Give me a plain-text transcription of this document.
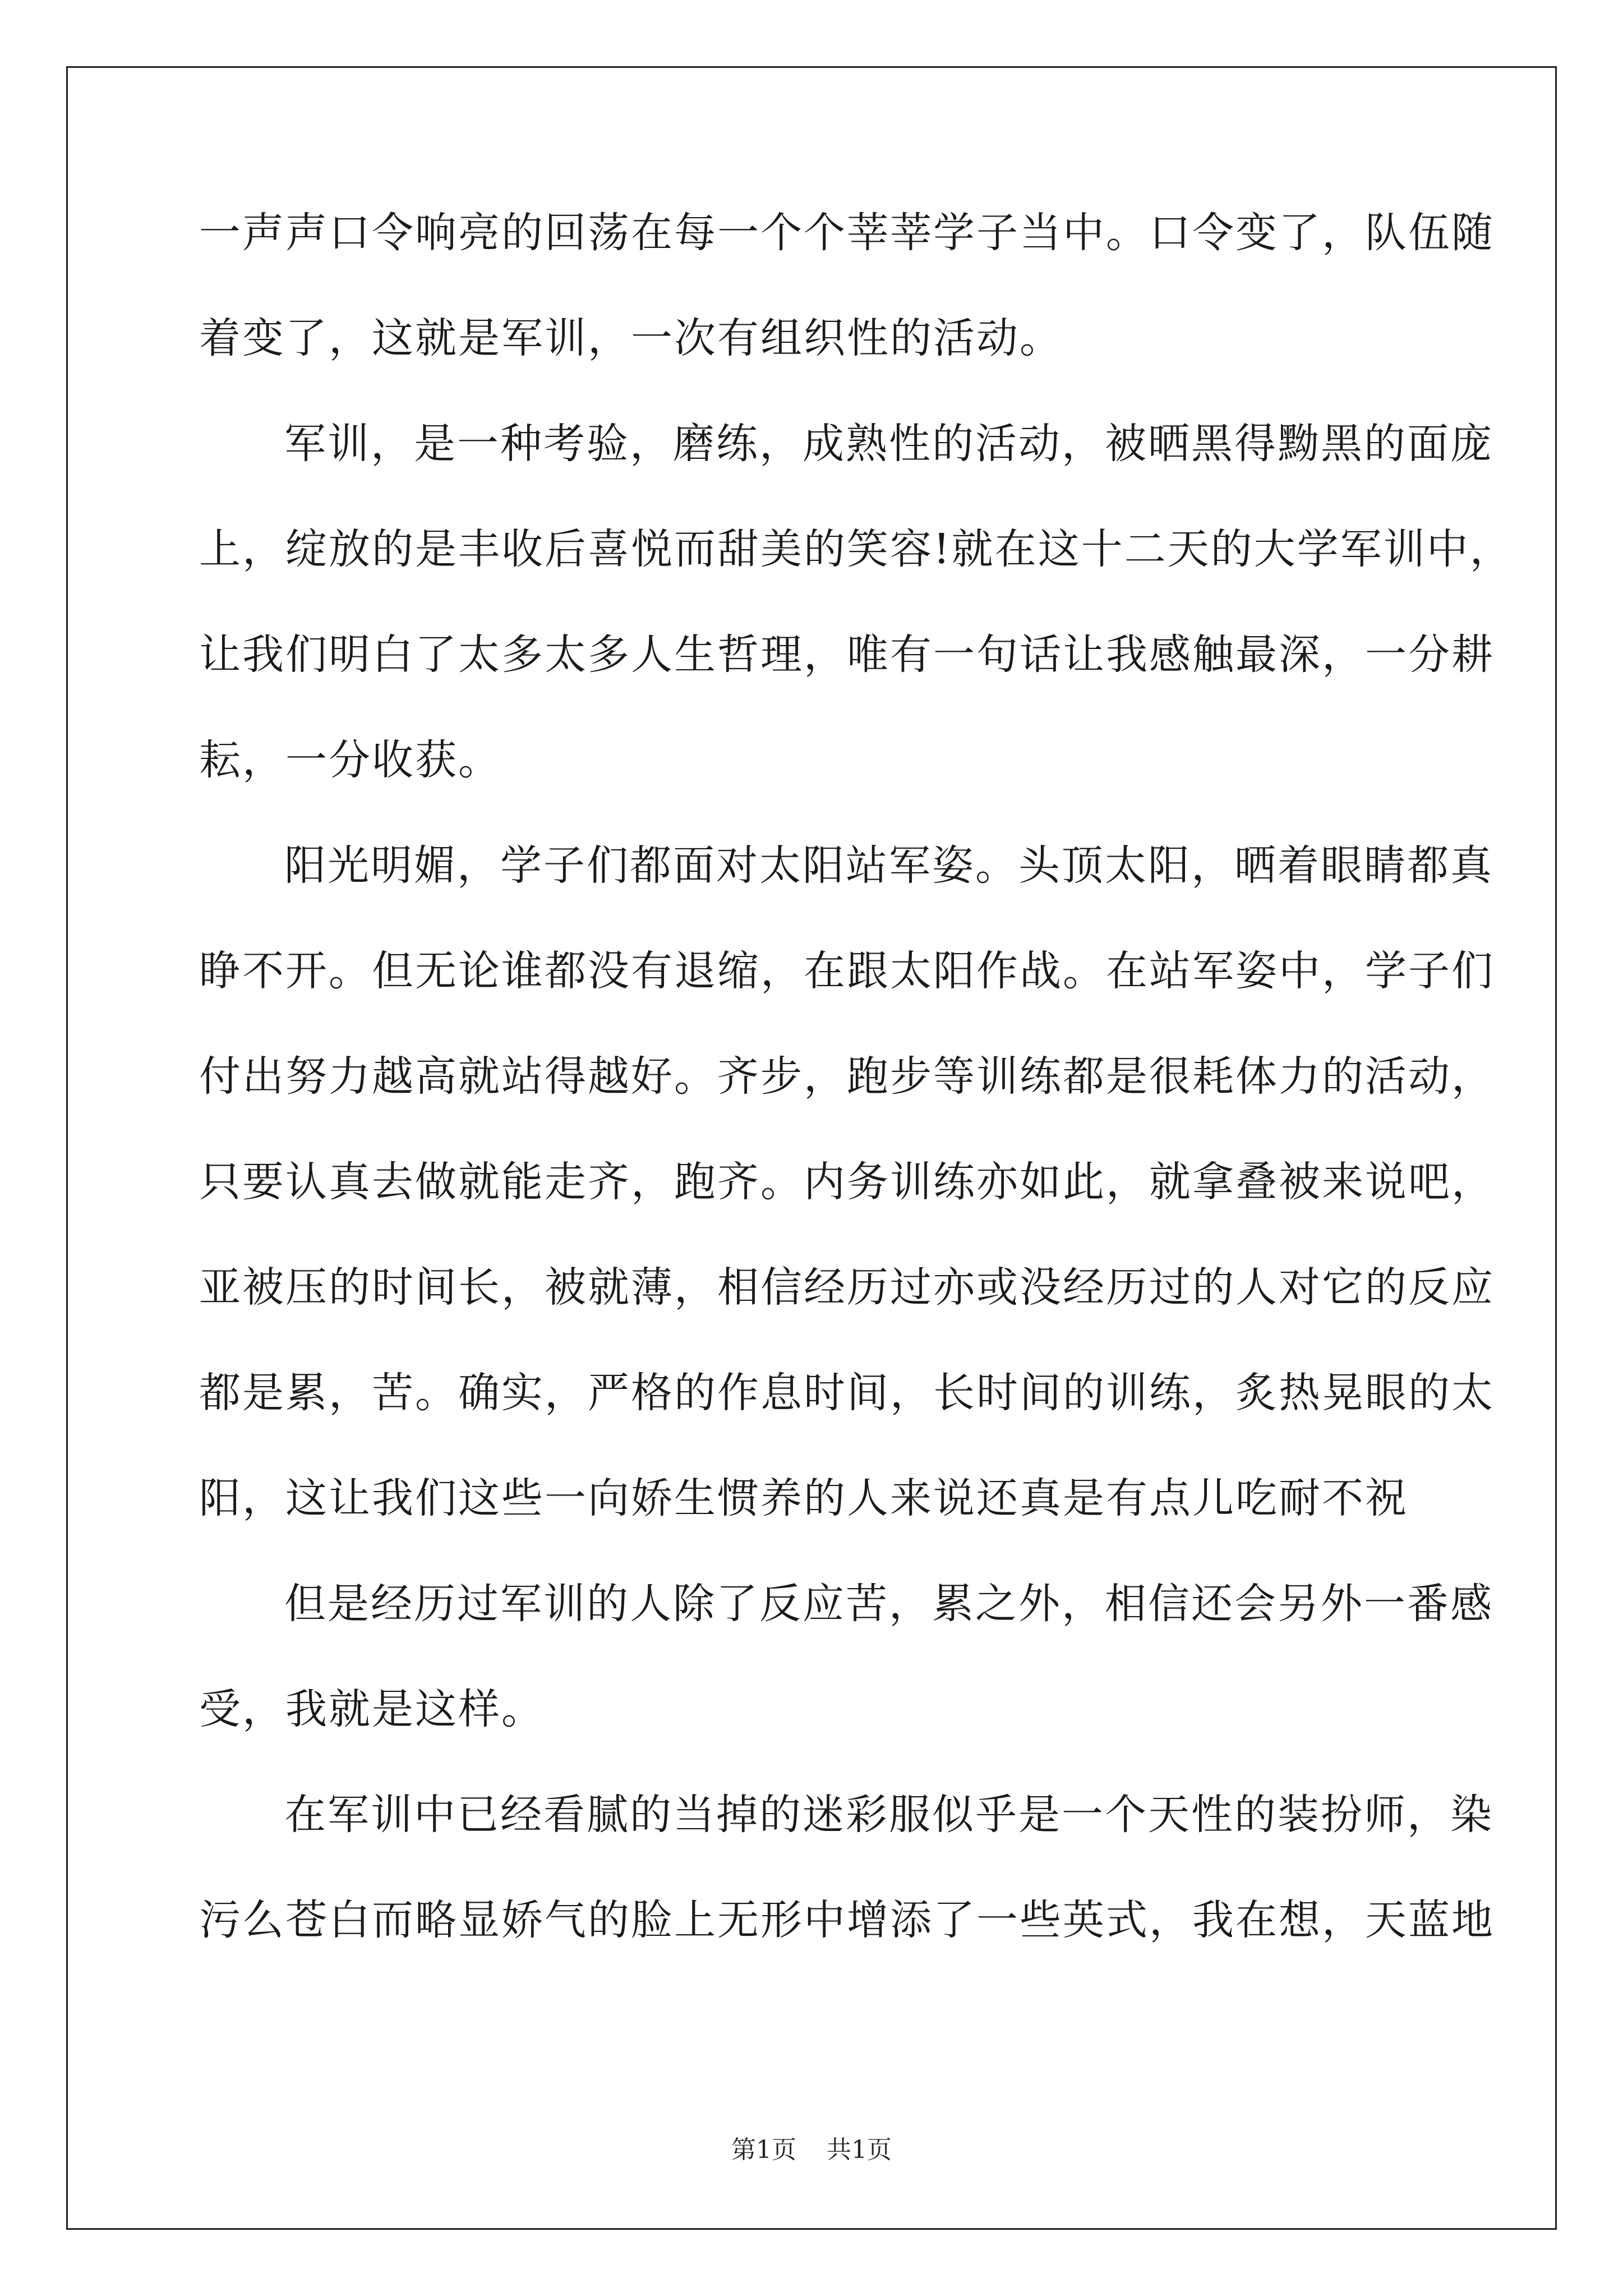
一声声口令响亮的回荡在每一个个莘莘学子当中。口令变了，队伍随
着变了，这就是军训，一次有组织性的活动。
军训，是一种考验，磨练，成熟性的活动，被晒黑得黝黑的面庞
上，绽放的是丰收后喜悦而甜美的笑容!就在这十二天的大学军训中，
让我们明白了太多太多人生哲理，唯有一句话让我感触最深，一分耕
耘，一分收获。
阳光明媚，学子们都面对太阳站军姿。头顶太阳，晒着眼睛都真
睁不开。但无论谁都没有退缩，在跟太阳作战。在站军姿中，学子们
付出努力越高就站得越好。齐步，跑步等训练都是很耗体力的活动，
只要认真去做就能走齐，跑齐。内务训练亦如此，就拿叠被来说吧，
亚被压的时间长，被就薄，相信经历过亦或没经历过的人对它的反应
都是累，苦。确实，严格的作息时间，长时间的训练，炙热晃眼的太
阳，这让我们这些一向娇生惯养的人来说还真是有点儿吃耐不祝
但是经历过军训的人除了反应苦，累之外，相信还会另外一番感
受，我就是这样。
在军训中已经看腻的当掉的迷彩服似乎是一个天性的装扮师，染
污么苍白而略显娇气的脸上无形中增添了一些英式，我在想，天蓝地
第1页 共1页
